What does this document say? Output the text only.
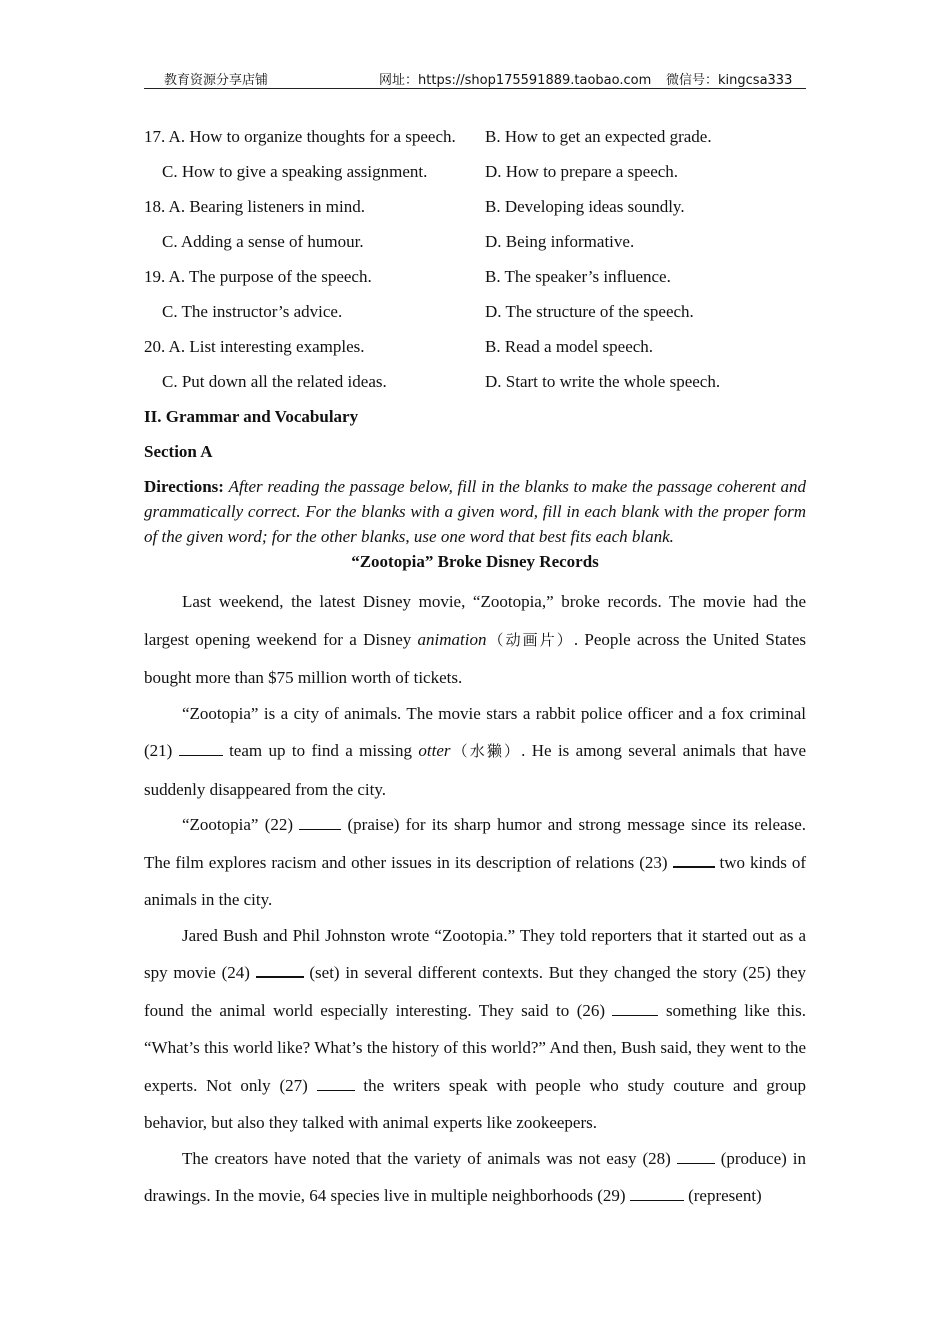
教育资源分享店铺	网址：https://shop175591889.taobao.com 微信号：kingcsa333
17. A. How to organize thoughts for a speech. B. How to get an expected grade.
C. How to give a speaking assignment.	D. How to prepare a speech.
18. A. Bearing listeners in mind.	B. Developing ideas soundly.
C. Adding a sense of humour.	D. Being informative.
19. A. The purpose of the speech.	B. The speaker’s influence.
C. The instructor’s advice.	D. The structure of the speech.
20. A. List interesting examples.	B. Read a model speech.
C. Put down all the related ideas.	D. Start to write the whole speech.
II. Grammar and Vocabulary
Section A
Directions: After reading the passage below, fill in the blanks to make the passage coherent and grammatically correct. For the blanks with a given word, fill in each blank with the proper form of the given word; for the other blanks, use one word that best fits each blank.
“Zootopia” Broke Disney Records

Last weekend, the latest Disney movie, “Zootopia,” broke records. The movie had the largest opening weekend for a Disney animation（动画片）. People across the United States bought more than $75 million worth of tickets.

“Zootopia” is a city of animals. The movie stars a rabbit police officer and a fox criminal (21)	team up to find a missing otter（水獭）. He is among several animals that have suddenly disappeared from the city.

“Zootopia” (22)  (praise) for its sharp humor and strong message since its release. The film explores racism and other issues in its description of relations (23)  two kinds of animals in the city.

Jared Bush and Phil Johnston wrote “Zootopia.” They told reporters that it started out as a spy movie (24)	(set) in several different contexts. But they changed the story (25) they found the animal world especially interesting. They said to (26)	something like this. “What’s this world like? What’s the history of this world?” And then, Bush said, they went to the experts. Not only (27)  the writers speak with people who study couture and group behavior, but also they talked with animal experts like zookeepers.

The creators have noted that the variety of animals was not easy (28)  (produce) in drawings. In the movie, 64 species live in multiple neighborhoods (29)	(represent)
